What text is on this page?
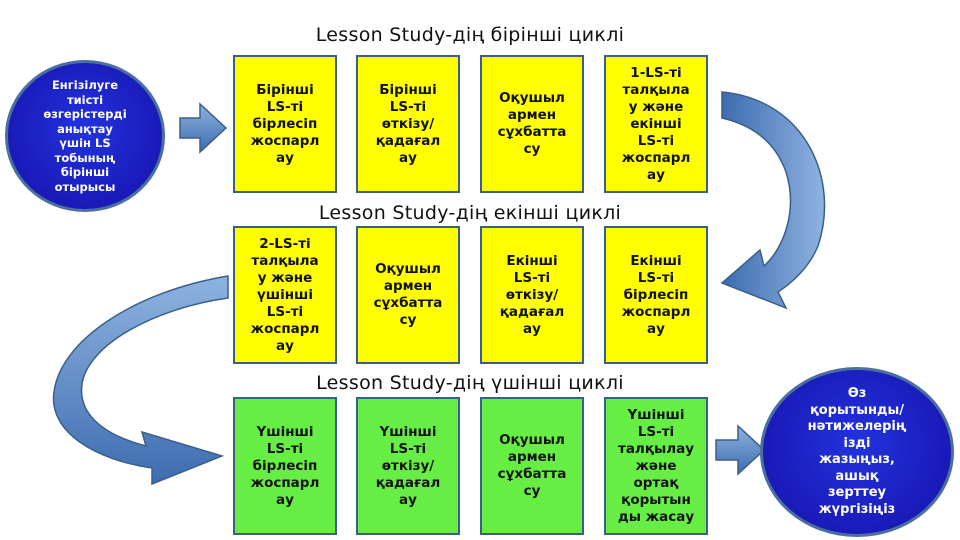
Lesson Study-дің бірінші циклі
Lesson Study-дің екінші циклі
Lesson Study-дің үшінші циклі
Бірінші
LS-ті
бірлесіп
жоспарл
ау
Бірінші
LS-ті
өткізу/
қадағал
ау
Оқушыл
армен
сұхбатта
су
1-LS-ті
талқыла
у және
екінші
LS-ті
жоспарл
ау
2-LS-ті
талқыла
у және
үшінші
LS-ті
жоспарл
ау
Оқушыл
армен
сұхбатта
су
Екінші
LS-ті
өткізу/
қадағал
ау
Екінші
LS-ті
бірлесіп
жоспарл
ау
Үшінші
LS-ті
бірлесіп
жоспарл
ау
Үшінші
LS-ті
өткізу/
қадағал
ау
Оқушыл
армен
сұхбатта
су
Үшінші
LS-ті
талқылау
және
ортақ
қорытын
ды жасау
Енгізілуге
тиісті
өзгерістерді
анықтау
үшін LS
тобының
бірінші
отырысы
Өз
қорытынды/
нәтижелерің
ізді
жазыңыз,
ашық
зерттеу
жүргізіңіз
